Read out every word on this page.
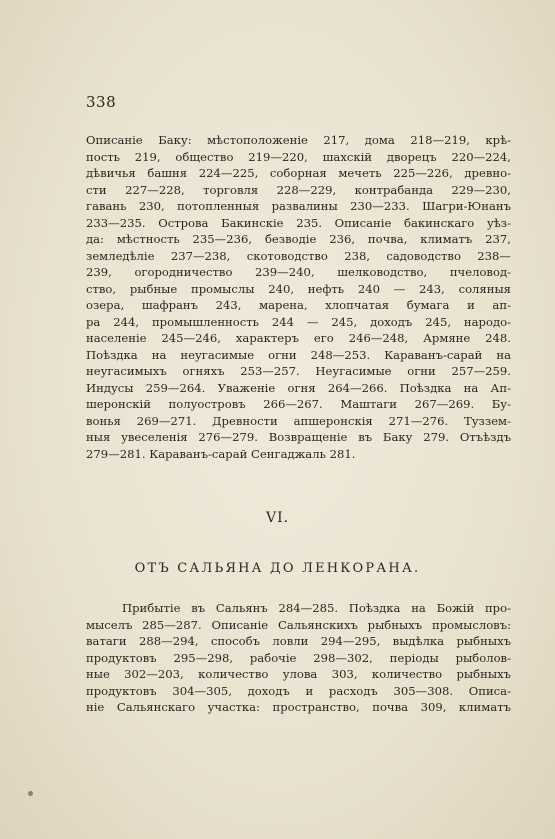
338

Описаніе Баку: мѣстоположеніе 217, дома 218—219, крѣ-
пость 219, общество 219—220, шахскій дворецъ 220—224,
дѣвичья башня 224—225, соборная мечеть 225—226, древно-
сти 227—228, торговля 228—229, контрабанда 229—230,
гавань 230, потопленныя развалины 230—233. Шагри-Юнанъ
233—235. Острова Бакинскіе 235. Описаніе бакинскаго уѣз-
да: мѣстность 235—236, безводіе 236, почва, климатъ 237,
земледѣліе 237—238, скотоводство 238, садоводство 238—
239, огородничество 239—240, шелководство, пчеловод-
ство, рыбные промыслы 240, нефть 240 — 243, соляныя
озера, шафранъ 243, марена, хлопчатая бумага и ап-
ра 244, промышленность 244 — 245, доходъ 245, народо-
населеніе 245—246, характеръ его 246—248, Армяне 248.
Поѣздка на неугасимые огни 248—253. Караванъ-сарай на
неугасимыхъ огняхъ 253—257. Неугасимые огни 257—259.
Индусы 259—264. Уваженіе огня 264—266. Поѣздка на Ап-
шеронскій полуостровъ 266—267. Маштаги 267—269. Бу-
вонья 269—271. Древности апшеронскія 271—276. Туззем-
ныя увеселенія 276—279. Возвращеніе въ Баку 279. Отъѣздъ
279—281. Караванъ-сарай Сенгаджаль 281.

VI.
ОТЪ САЛЬЯНА ДО ЛЕНКОРАНА.

Прибытіе въ Сальянъ 284—285. Поѣздка на Божій про-
мыселъ 285—287. Описаніе Сальянскихъ рыбныхъ промысловъ:
ватаги 288—294, способъ ловли 294—295, выдѣлка рыбныхъ
продуктовъ 295—298, рабочіе 298—302, періоды рыболов-
ные 302—203, количество улова 303, количество рыбныхъ
продуктовъ 304—305, доходъ и расходъ 305—308. Описа-
ніе Сальянскаго участка: пространство, почва 309, климатъ
